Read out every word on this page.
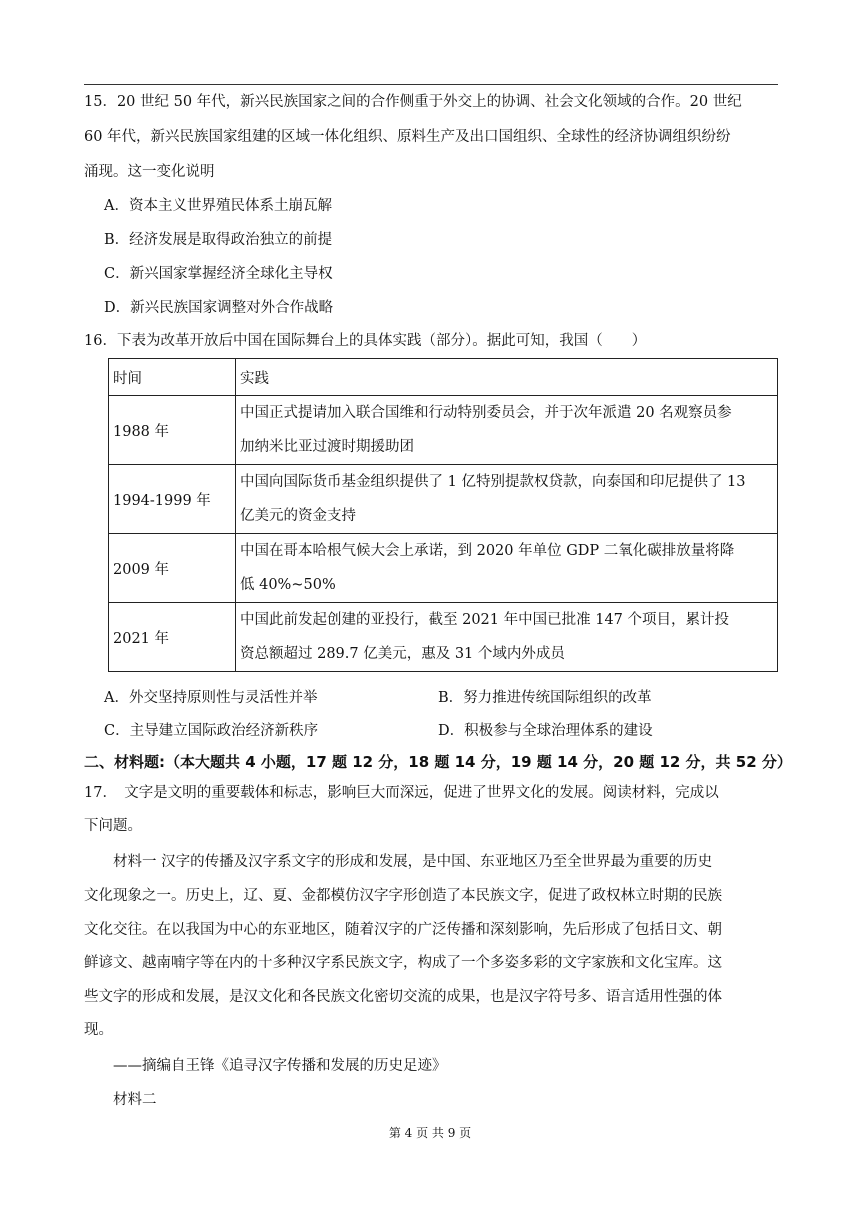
15．20 世纪 50 年代，新兴民族国家之间的合作侧重于外交上的协调、社会文化领域的合作。20 世纪
60 年代，新兴民族国家组建的区域一体化组织、原料生产及出口国组织、全球性的经济协调组织纷纷
涌现。这一变化说明
A．资本主义世界殖民体系土崩瓦解
B．经济发展是取得政治独立的前提
C．新兴国家掌握经济全球化主导权
D．新兴民族国家调整对外合作战略
16．下表为改革开放后中国在国际舞台上的具体实践（部分）。据此可知，我国（　　）
时间	实践
1988 年	中国正式提请加入联合国维和行动特别委员会，并于次年派遣 20 名观察员参
加纳米比亚过渡时期援助团

1994-1999 年	中国向国际货币基金组织提供了 1 亿特别提款权贷款，向泰国和印尼提供了 13
亿美元的资金支持

2009 年	中国在哥本哈根气候大会上承诺，到 2020 年单位 GDP 二氧化碳排放量将降
低 40%~50%

2021 年	中国此前发起创建的亚投行，截至 2021 年中国已批准 147 个项目，累计投
资总额超过 289.7 亿美元，惠及 31 个域内外成员
A．外交坚持原则性与灵活性并举	B．努力推进传统国际组织的改革
C．主导建立国际政治经济新秩序	D．积极参与全球治理体系的建设
二、材料题:（本大题共 4 小题，17 题 12 分，18 题 14 分，19 题 14 分，20 题 12 分，共 52 分）
17．　文字是文明的重要载体和标志，影响巨大而深远，促进了世界文化的发展。阅读材料，完成以
下问题。
　　材料一 汉字的传播及汉字系文字的形成和发展，是中国、东亚地区乃至全世界最为重要的历史
文化现象之一。历史上，辽、夏、金都模仿汉字字形创造了本民族文字，促进了政权林立时期的民族
文化交往。在以我国为中心的东亚地区，随着汉字的广泛传播和深刻影响，先后形成了包括日文、朝
鲜谚文、越南喃字等在内的十多种汉字系民族文字，构成了一个多姿多彩的文字家族和文化宝库。这
些文字的形成和发展，是汉文化和各民族文化密切交流的成果，也是汉字符号多、语言适用性强的体
现。
　　——摘编自王锋《追寻汉字传播和发展的历史足迹》
　　材料二
第 4 页 共 9 页
